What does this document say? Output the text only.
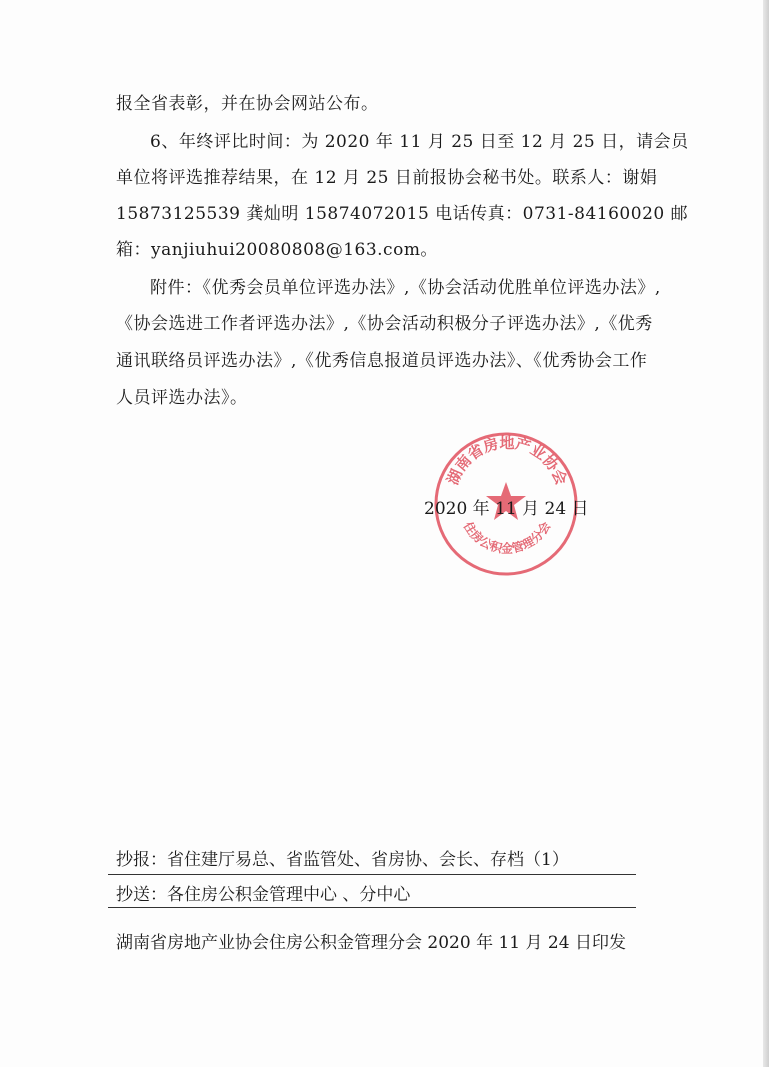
报全省表彰，并在协会网站公布。
6、年终评比时间：为 2020 年 11 月 25 日至 12 月 25 日，请会员
单位将评选推荐结果，在 12 月 25 日前报协会秘书处。联系人：谢娟
15873125539 龚灿明 15874072015 电话传真：0731-84160020 邮
箱：yanjiuhui20080808@163.com。
附件：《优秀会员单位评选办法》,《协会活动优胜单位评选办法》,
《协会选进工作者评选办法》,《协会活动积极分子评选办法》,《优秀
通讯联络员评选办法》,《优秀信息报道员评选办法》、《优秀协会工作
人员评选办法》。
湖南省房地产业协会
住房公积金管理分会
2020 年 11 月 24 日
抄报：省住建厅易总、省监管处、省房协、会长、存档（1）
抄送：各住房公积金管理中心 、分中心
湖南省房地产业协会住房公积金管理分会 2020 年 11 月 24 日印发
